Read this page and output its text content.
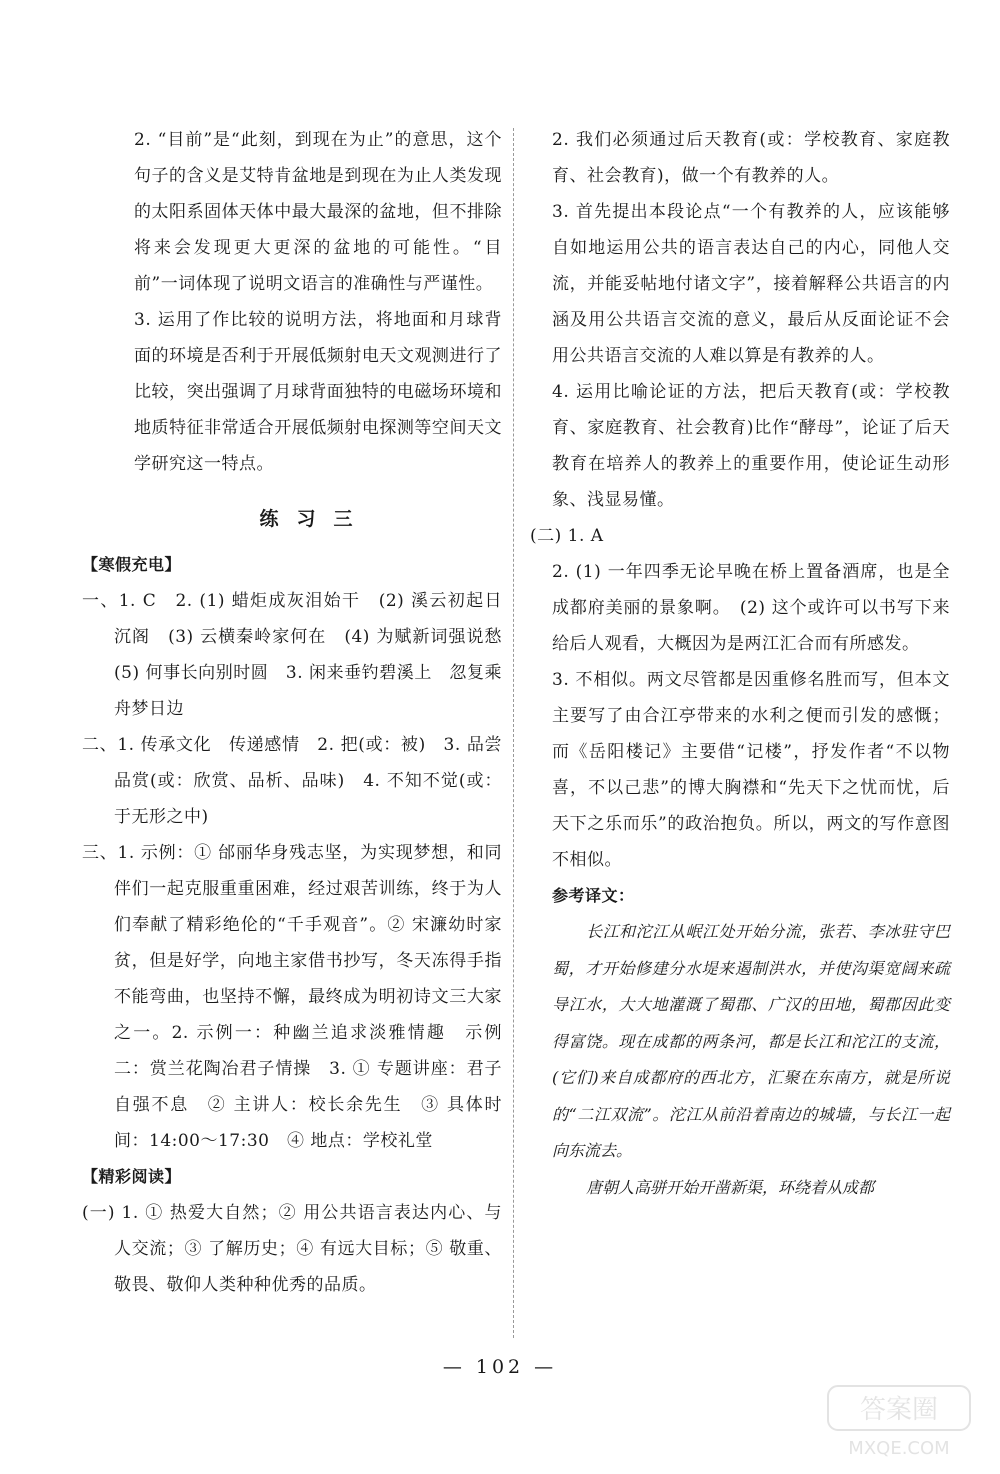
2. “目前”是“此刻，到现在为止”的意思，这个句子的含义是艾特肯盆地是到现在为止人类发现的太阳系固体天体中最大最深的盆地，但不排除将来会发现更大更深的盆地的可能性。“目前”一词体现了说明文语言的准确性与严谨性。

3. 运用了作比较的说明方法，将地面和月球背面的环境是否利于开展低频射电天文观测进行了比较，突出强调了月球背面独特的电磁场环境和地质特征非常适合开展低频射电探测等空间天文学研究这一特点。

练习三

【寒假充电】

一、1. C　2. (1) 蜡炬成灰泪始干　(2) 溪云初起日沉阁　(3) 云横秦岭家何在　(4) 为赋新词强说愁　(5) 何事长向别时圆　3. 闲来垂钓碧溪上　忽复乘舟梦日边

二、1. 传承文化　传递感情　2. 把(或：被)　3. 品尝　品赏(或：欣赏、品析、品味)　4. 不知不觉(或：于无形之中)

三、1. 示例：① 邰丽华身残志坚，为实现梦想，和同伴们一起克服重重困难，经过艰苦训练，终于为人们奉献了精彩绝伦的“千手观音”。② 宋濂幼时家贫，但是好学，向地主家借书抄写，冬天冻得手指不能弯曲，也坚持不懈，最终成为明初诗文三大家之一。2. 示例一：种幽兰追求淡雅情趣　示例二：赏兰花陶冶君子情操　3. ① 专题讲座：君子自强不息　② 主讲人：校长余先生　③ 具体时间：14:00～17:30　④ 地点：学校礼堂

【精彩阅读】

(一) 1. ① 热爱大自然；② 用公共语言表达内心、与人交流；③ 了解历史；④ 有远大目标；⑤ 敬重、敬畏、敬仰人类种种优秀的品质。

2. 我们必须通过后天教育(或：学校教育、家庭教育、社会教育)，做一个有教养的人。

3. 首先提出本段论点“一个有教养的人，应该能够自如地运用公共的语言表达自己的内心，同他人交流，并能妥帖地付诸文字”，接着解释公共语言的内涵及用公共语言交流的意义，最后从反面论证不会用公共语言交流的人难以算是有教养的人。

4. 运用比喻论证的方法，把后天教育(或：学校教育、家庭教育、社会教育)比作“酵母”，论证了后天教育在培养人的教养上的重要作用，使论证生动形象、浅显易懂。

(二) 1. A

2. (1) 一年四季无论早晚在桥上置备酒席，也是全成都府美丽的景象啊。　(2) 这个或许可以书写下来给后人观看，大概因为是两江汇合而有所感发。

3. 不相似。两文尽管都是因重修名胜而写，但本文主要写了由合江亭带来的水利之便而引发的感慨；而《岳阳楼记》主要借“记楼”，抒发作者“不以物喜，不以己悲”的博大胸襟和“先天下之忧而忧，后天下之乐而乐”的政治抱负。所以，两文的写作意图不相似。

参考译文：

长江和沱江从岷江处开始分流，张若、李冰驻守巴蜀，才开始修建分水堤来遏制洪水，并使沟渠宽阔来疏导江水，大大地灌溉了蜀郡、广汉的田地，蜀郡因此变得富饶。现在成都的两条河，都是长江和沱江的支流，(它们)来自成都府的西北方，汇聚在东南方，就是所说的“二江双流”。沱江从前沿着南边的城墙，与长江一起向东流去。

唐朝人高骈开始开凿新渠，环绕着从成都

— 102 —
答案圈
MXQE.COM
